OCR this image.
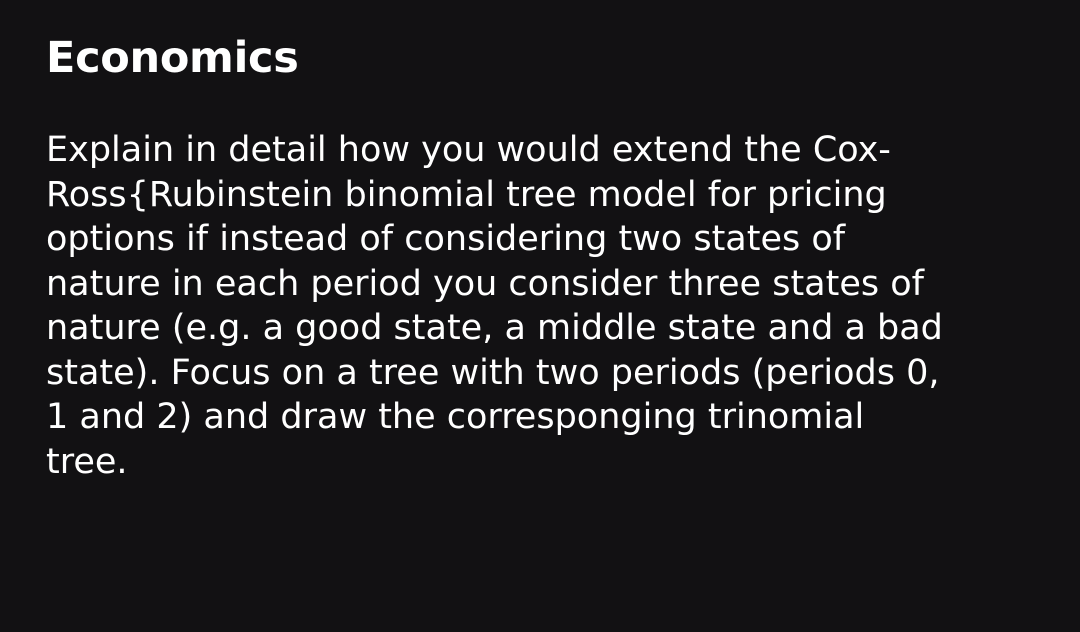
Economics

Explain in detail how you would extend the Cox-
Ross{Rubinstein binomial tree model for pricing
options if instead of considering two states of
nature in each period you consider three states of
nature (e.g. a good state, a middle state and a bad
state). Focus on a tree with two periods (periods 0,
1 and 2) and draw the corresponging trinomial
tree.
